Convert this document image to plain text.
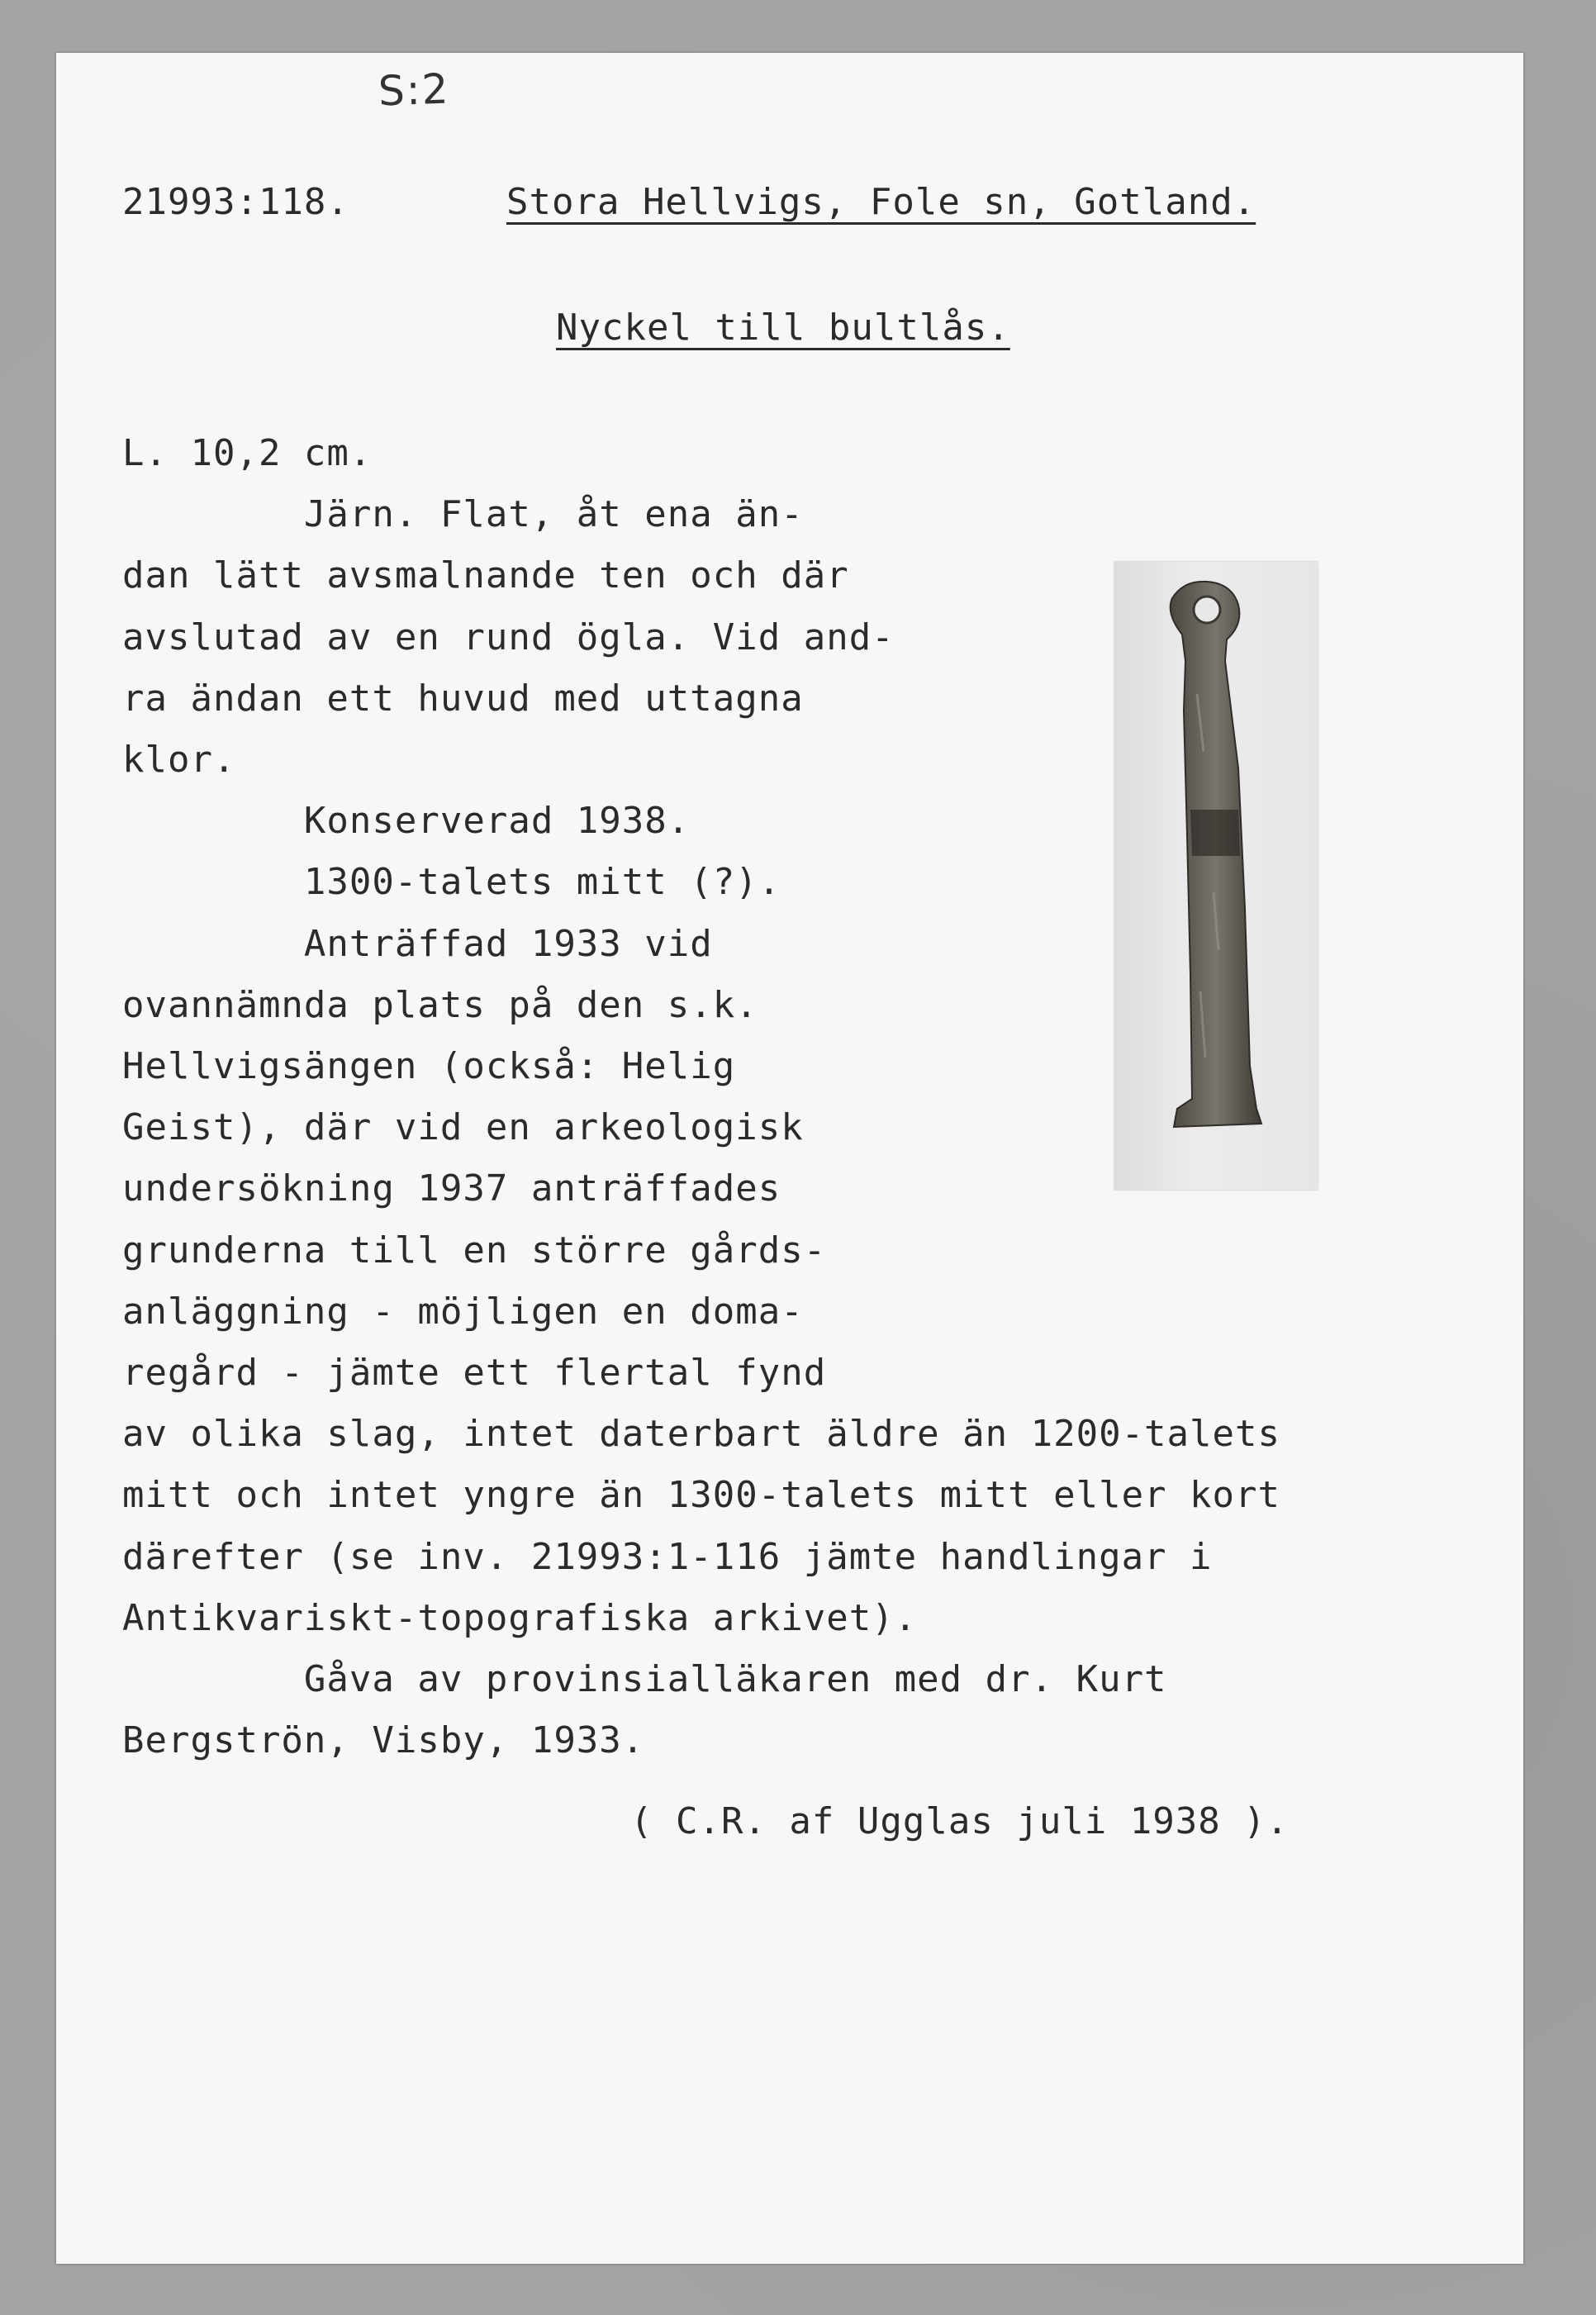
S:2
21993:118.	Stora Hellvigs, Fole sn, Gotland.
Nyckel till bultlås.
L. 10,2 cm.
Järn. Flat, åt ena än-
dan lätt avsmalnande ten och där
avslutad av en rund ögla. Vid and-
ra ändan ett huvud med uttagna
klor.
Konserverad 1938.
1300-talets mitt (?).
Anträffad 1933 vid
ovannämnda plats på den s.k.
Hellvigsängen (också: Helig
Geist), där vid en arkeologisk
undersökning 1937 anträffades
grunderna till en större gårds-
anläggning - möjligen en doma-
regård - jämte ett flertal fynd
av olika slag, intet daterbart äldre än 1200-talets
mitt och intet yngre än 1300-talets mitt eller kort
därefter (se inv. 21993:1-116 jämte handlingar i
Antikvariskt-topografiska arkivet).
Gåva av provinsialläkaren med dr. Kurt
Bergströn, Visby, 1933.
( C.R. af Ugglas juli 1938 ).
